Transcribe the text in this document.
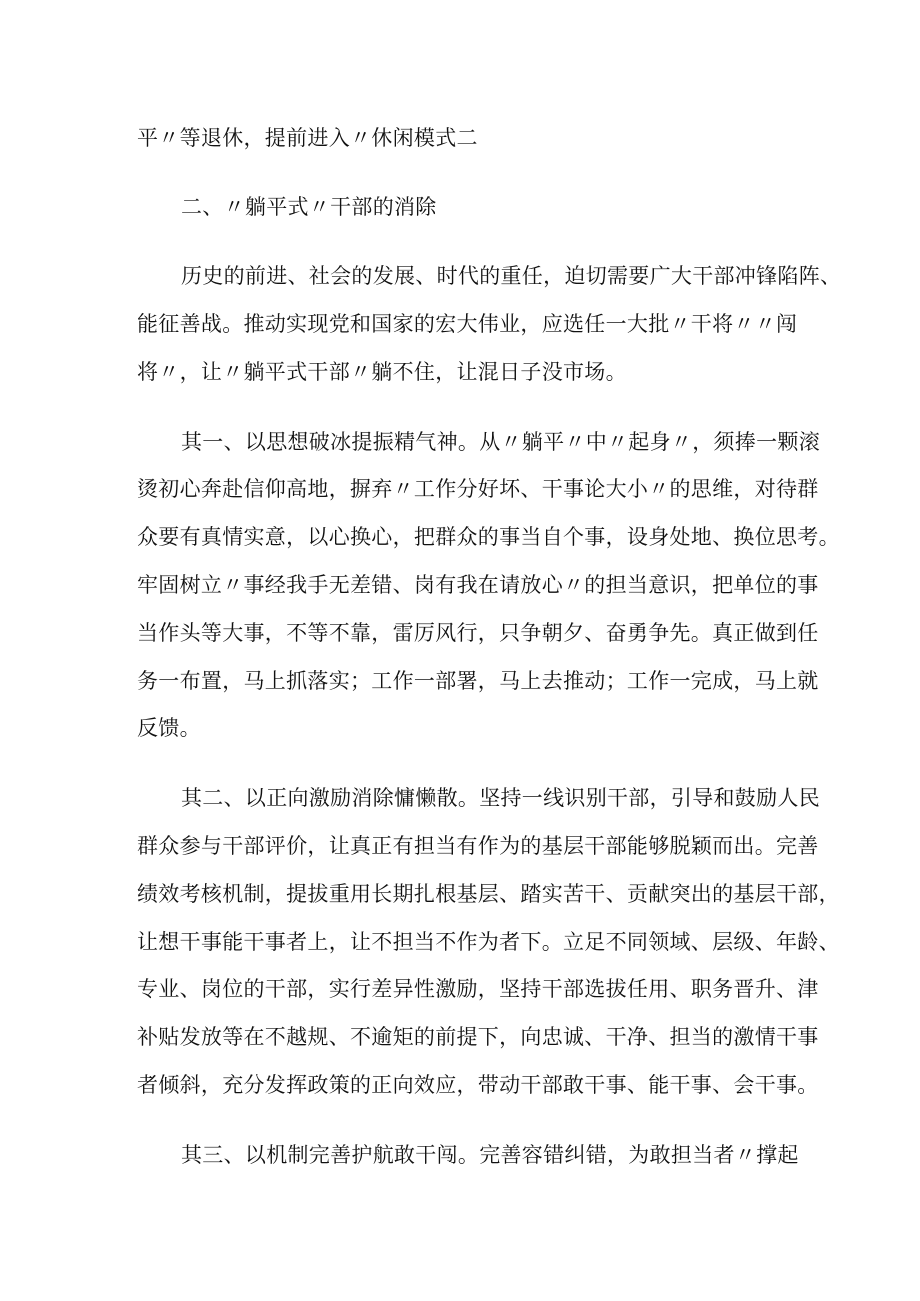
平〃等退休，提前进入〃休闲模式二
二、〃躺平式〃干部的消除
历史的前进、社会的发展、时代的重任，迫切需要广大干部冲锋陷阵、
能征善战。推动实现党和国家的宏大伟业，应选任一大批〃干将〃〃闯
将〃，让〃躺平式干部〃躺不住，让混日子没市场。
其一、以思想破冰提振精气神。从〃躺平〃中〃起身〃，须捧一颗滚
烫初心奔赴信仰高地，摒弃〃工作分好坏、干事论大小〃的思维，对待群
众要有真情实意，以心换心，把群众的事当自个事，设身处地、换位思考。
牢固树立〃事经我手无差错、岗有我在请放心〃的担当意识，把单位的事
当作头等大事，不等不靠，雷厉风行，只争朝夕、奋勇争先。真正做到任
务一布置，马上抓落实；工作一部署，马上去推动；工作一完成，马上就
反馈。
其二、以正向激励消除慵懒散。坚持一线识别干部，引导和鼓励人民
群众参与干部评价，让真正有担当有作为的基层干部能够脱颖而出。完善
绩效考核机制，提拔重用长期扎根基层、踏实苦干、贡献突出的基层干部，
让想干事能干事者上，让不担当不作为者下。立足不同领域、层级、年龄、
专业、岗位的干部，实行差异性激励，坚持干部选拔任用、职务晋升、津
补贴发放等在不越规、不逾矩的前提下，向忠诚、干净、担当的激情干事
者倾斜，充分发挥政策的正向效应，带动干部敢干事、能干事、会干事。
其三、以机制完善护航敢干闯。完善容错纠错，为敢担当者〃撑起
